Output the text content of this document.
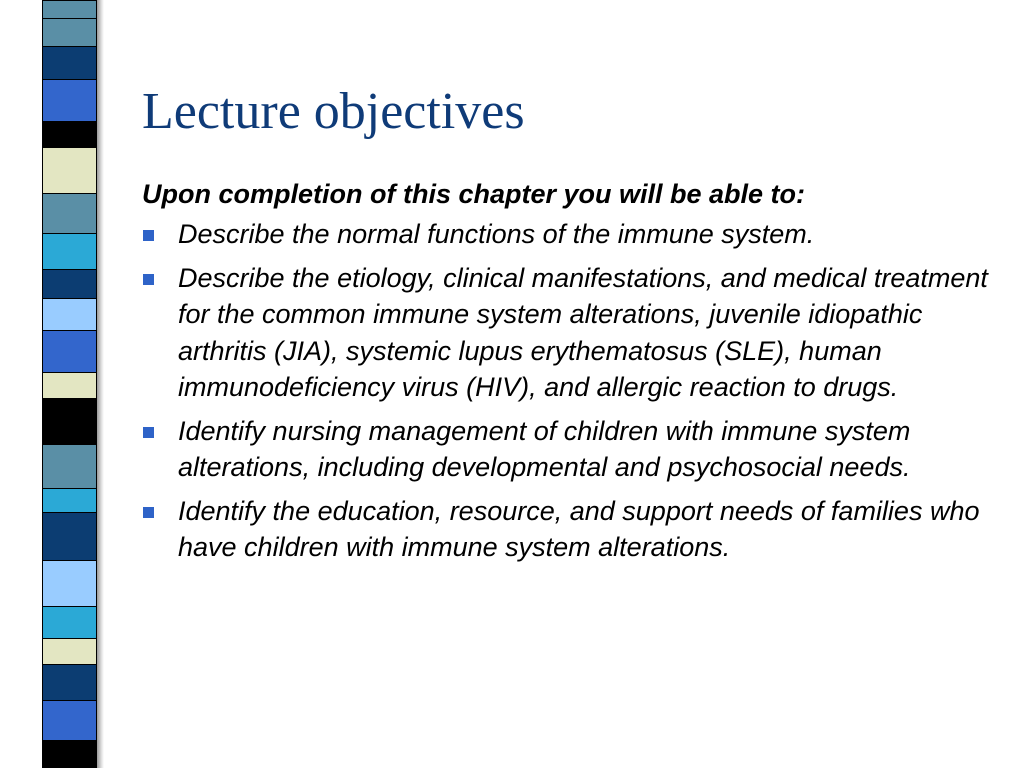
Lecture objectives

Upon completion of this chapter you will be able to:

Describe the normal functions of the immune system.
Describe the etiology, clinical manifestations, and medical treatment for the common immune system alterations, juvenile idiopathic arthritis (JIA), systemic lupus erythematosus (SLE), human immunodeficiency virus (HIV), and allergic reaction to drugs.
Identify nursing management of children with immune system alterations, including developmental and psychosocial needs.
Identify the education, resource, and support needs of families who have children with immune system alterations.
